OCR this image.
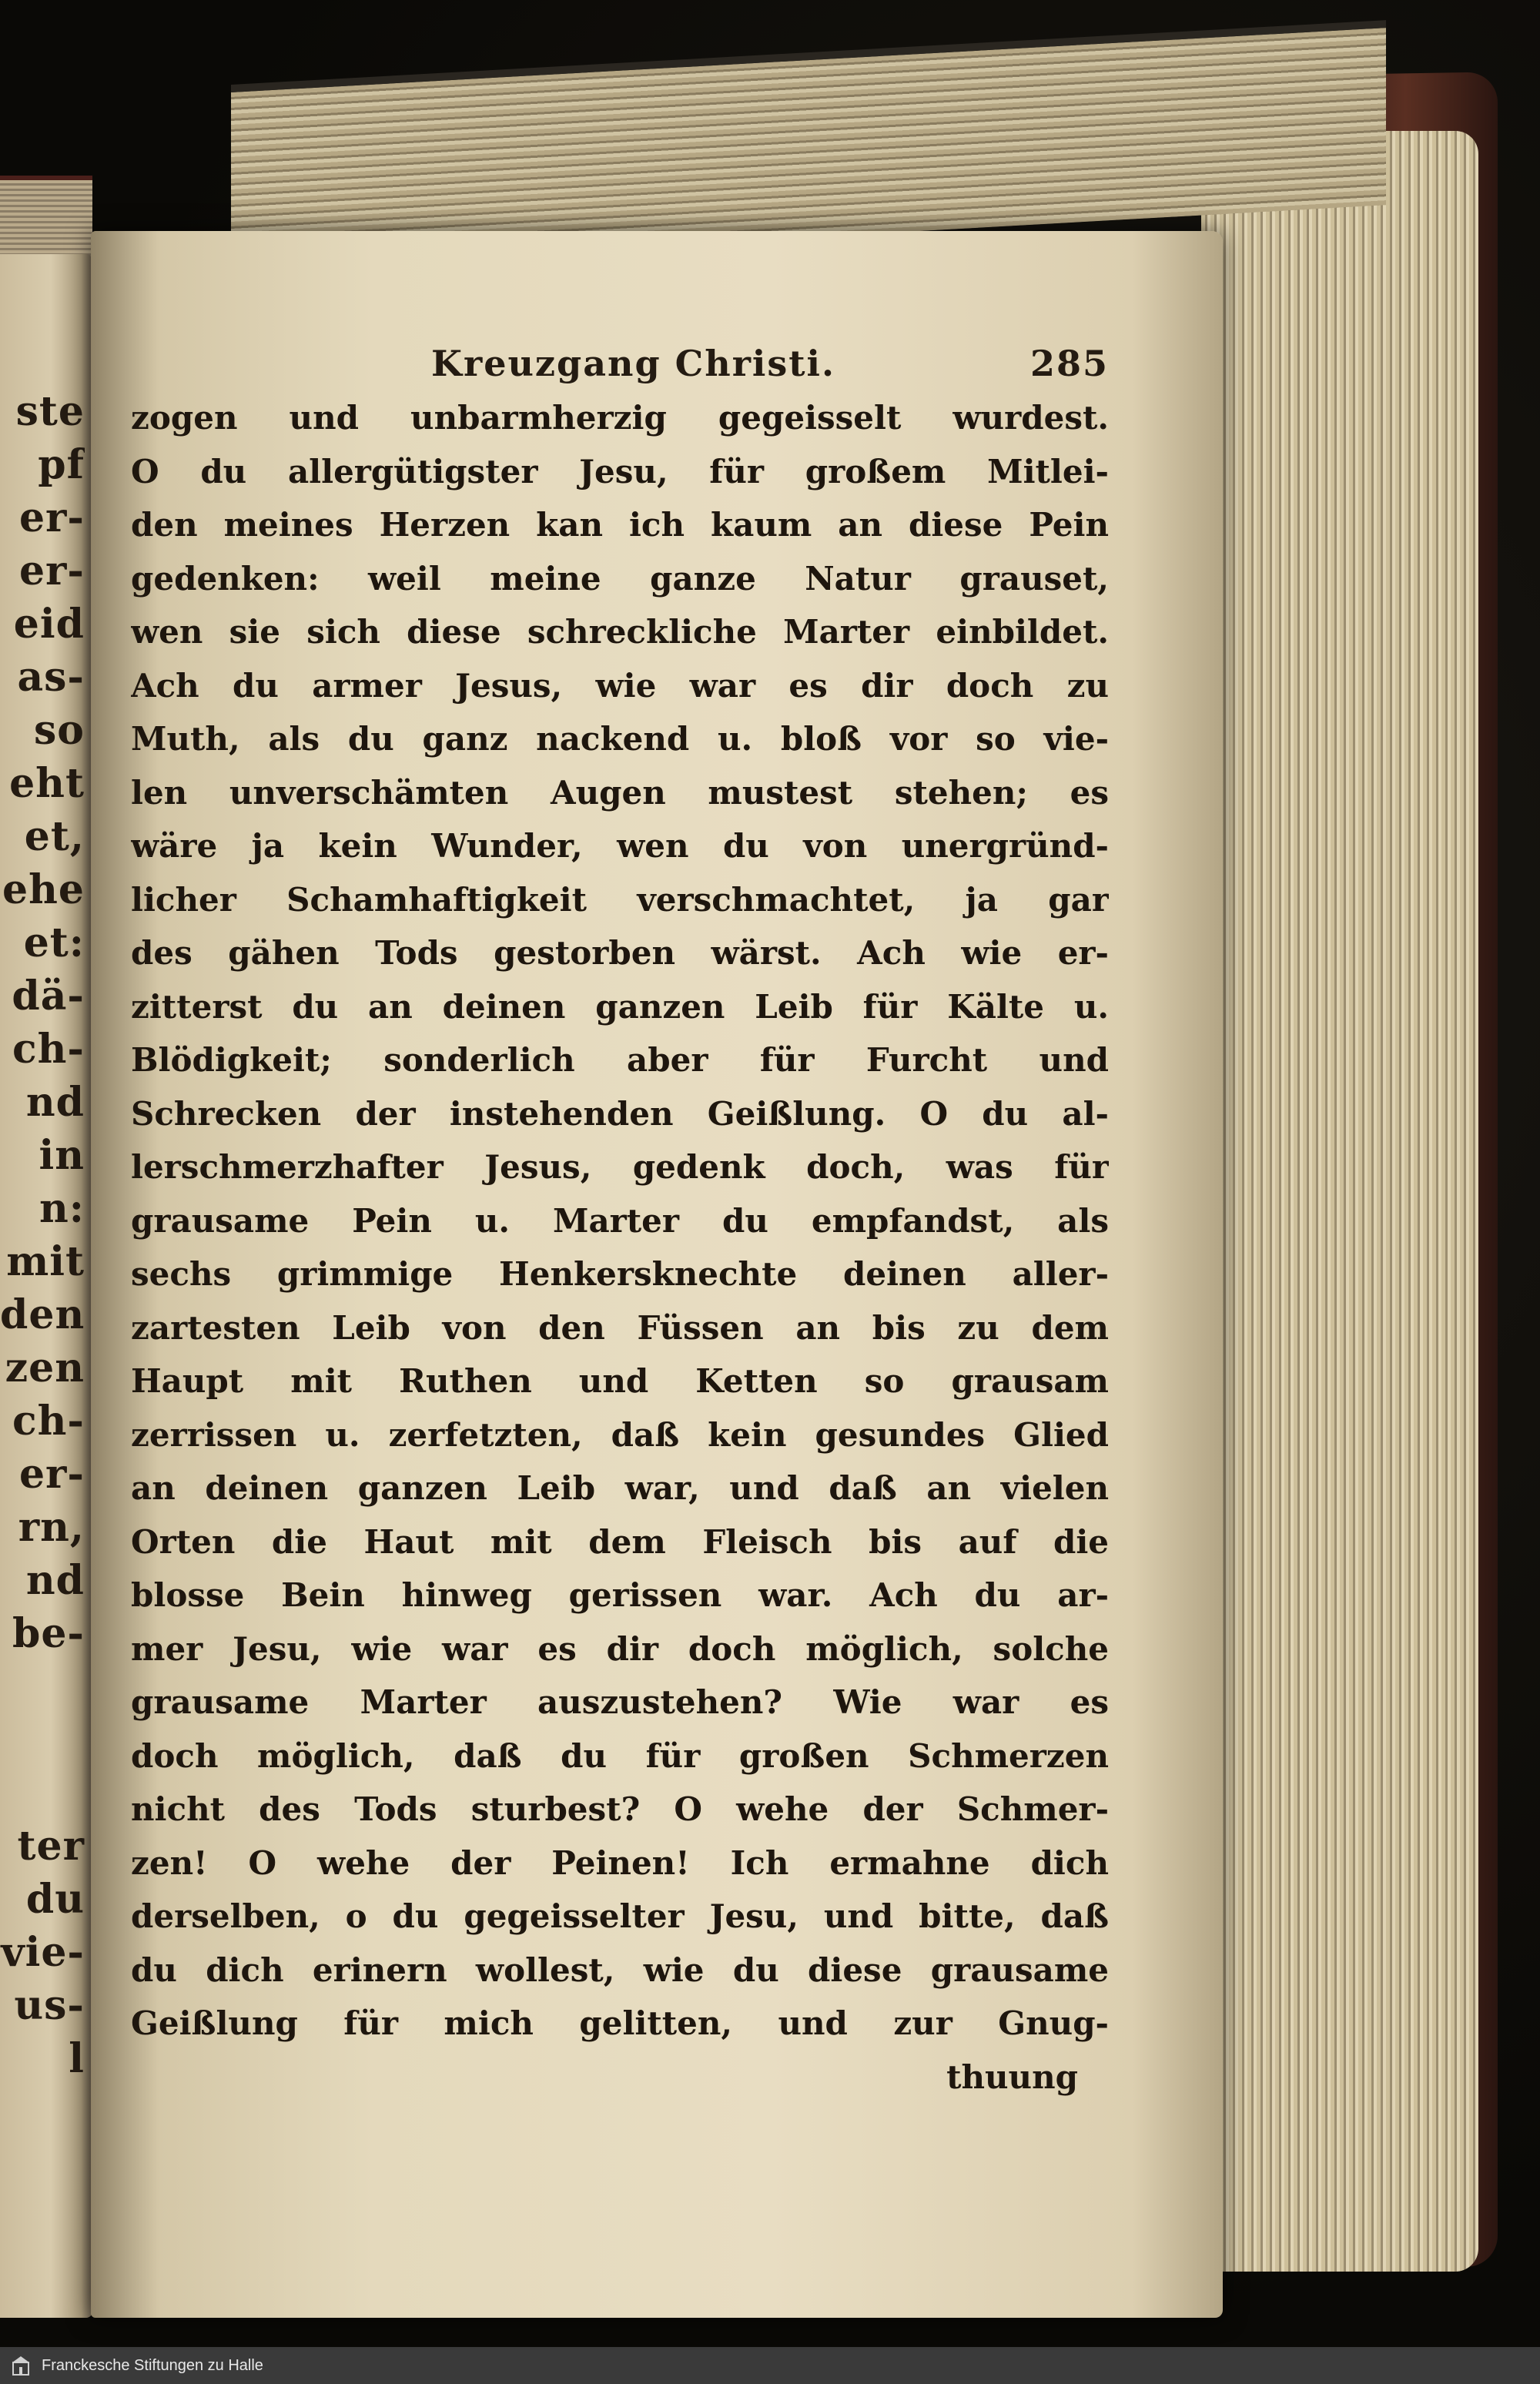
ste
pf
er-
er-
eid
as-
so
eht
et,
ehe
et:
dä-
ch-
nd
in
n:
mit
den
zen
ch-
er-
rn,
nd
be-
ter
du
vie-
us-
l
Kreuzgang Christi.	285
zogen und unbarmherzig gegeisselt wurdest.
O du allergütigster Jesu, für großem Mitlei-
den meines Herzen kan ich kaum an diese Pein
gedenken: weil meine ganze Natur grauset,
wen sie sich diese schreckliche Marter einbildet.
Ach du armer Jesus, wie war es dir doch zu
Muth, als du ganz nackend u. bloß vor so vie-
len unverschämten Augen mustest stehen; es
wäre ja kein Wunder, wen du von unergründ-
licher Schamhaftigkeit verschmachtet, ja gar
des gähen Tods gestorben wärst. Ach wie er-
zitterst du an deinen ganzen Leib für Kälte u.
Blödigkeit; sonderlich aber für Furcht und
Schrecken der instehenden Geißlung. O du al-
lerschmerzhafter Jesus, gedenk doch, was für
grausame Pein u. Marter du empfandst, als
sechs grimmige Henkersknechte deinen aller-
zartesten Leib von den Füssen an bis zu dem
Haupt mit Ruthen und Ketten so grausam
zerrissen u. zerfetzten, daß kein gesundes Glied
an deinen ganzen Leib war, und daß an vielen
Orten die Haut mit dem Fleisch bis auf die
blosse Bein hinweg gerissen war. Ach du ar-
mer Jesu, wie war es dir doch möglich, solche
grausame Marter auszustehen? Wie war es
doch möglich, daß du für großen Schmerzen
nicht des Tods sturbest? O wehe der Schmer-
zen! O wehe der Peinen! Ich ermahne dich
derselben, o du gegeisselter Jesu, und bitte, daß
du dich erinern wollest, wie du diese grausame
Geißlung für mich gelitten, und zur Gnug-
thuung
Franckesche Stiftungen zu Halle
